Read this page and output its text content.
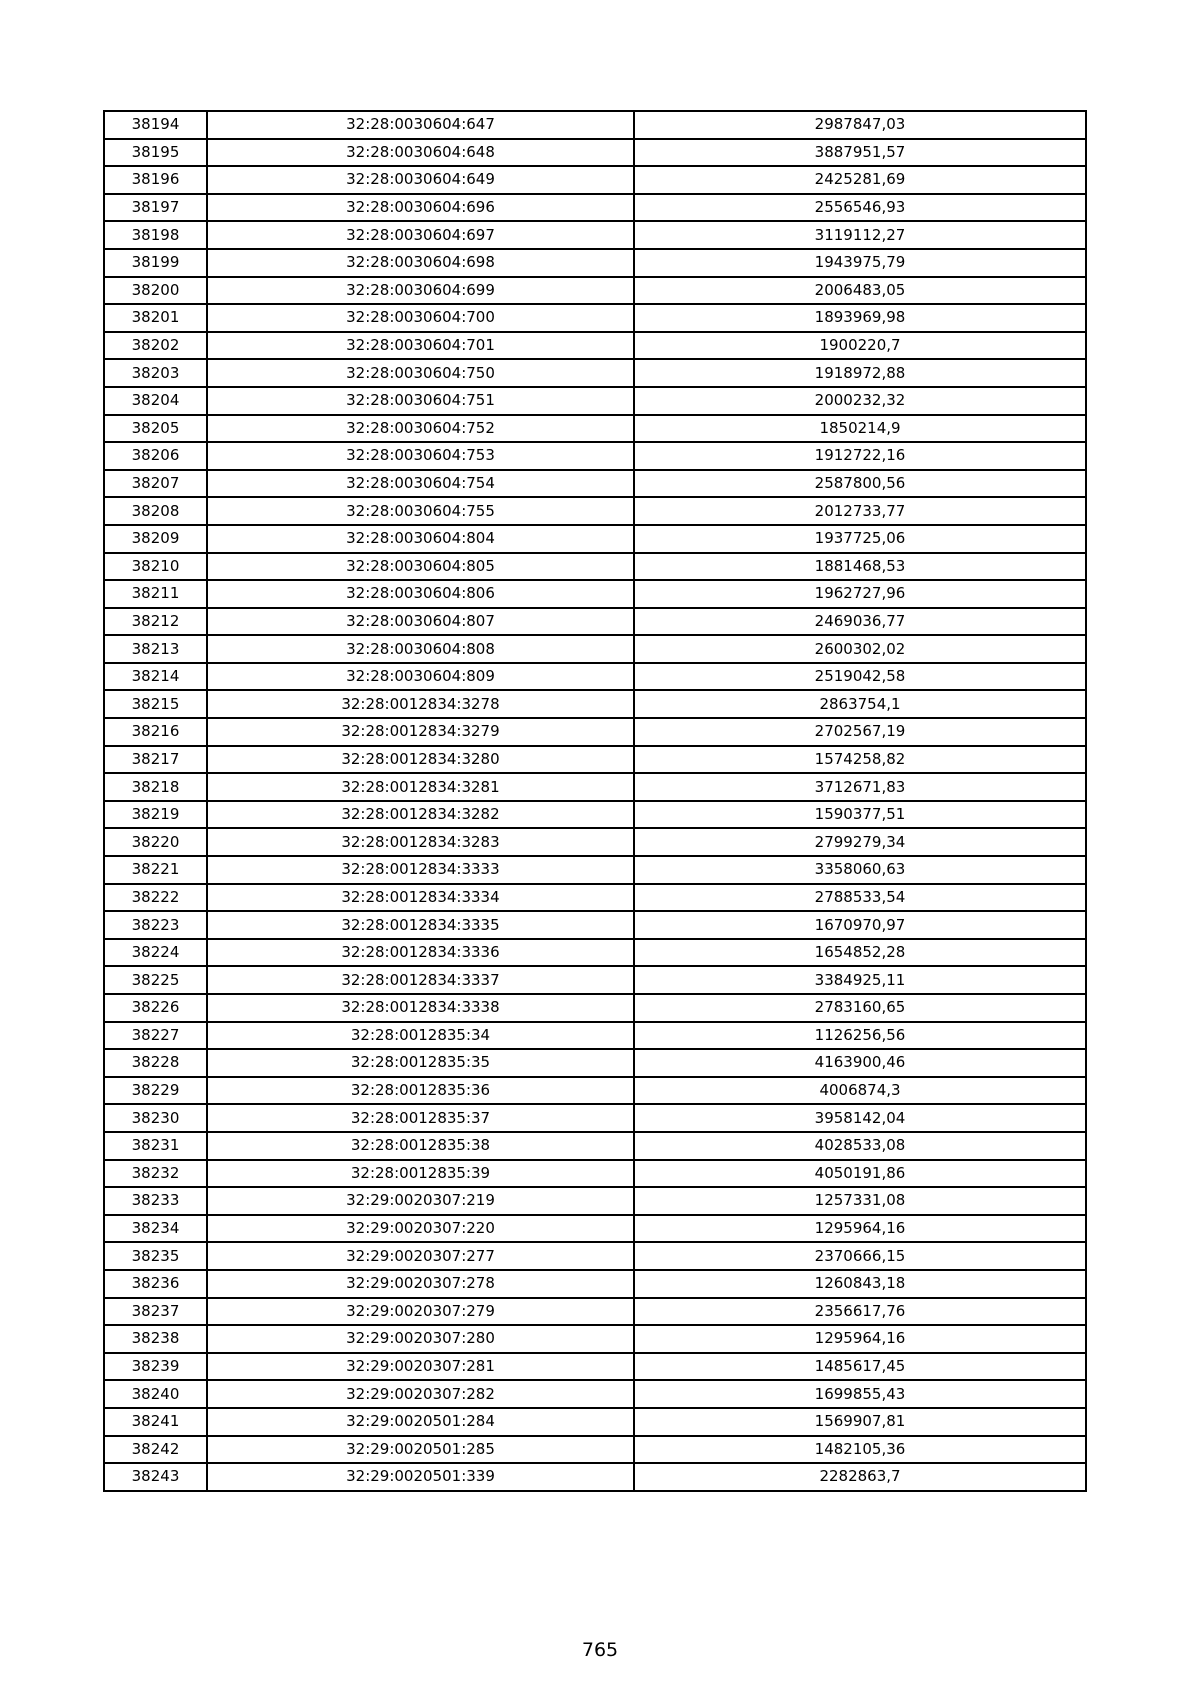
38194	32:28:0030604:647	2987847,03
38195	32:28:0030604:648	3887951,57
38196	32:28:0030604:649	2425281,69
38197	32:28:0030604:696	2556546,93
38198	32:28:0030604:697	3119112,27
38199	32:28:0030604:698	1943975,79
38200	32:28:0030604:699	2006483,05
38201	32:28:0030604:700	1893969,98
38202	32:28:0030604:701	1900220,7
38203	32:28:0030604:750	1918972,88
38204	32:28:0030604:751	2000232,32
38205	32:28:0030604:752	1850214,9
38206	32:28:0030604:753	1912722,16
38207	32:28:0030604:754	2587800,56
38208	32:28:0030604:755	2012733,77
38209	32:28:0030604:804	1937725,06
38210	32:28:0030604:805	1881468,53
38211	32:28:0030604:806	1962727,96
38212	32:28:0030604:807	2469036,77
38213	32:28:0030604:808	2600302,02
38214	32:28:0030604:809	2519042,58
38215	32:28:0012834:3278	2863754,1
38216	32:28:0012834:3279	2702567,19
38217	32:28:0012834:3280	1574258,82
38218	32:28:0012834:3281	3712671,83
38219	32:28:0012834:3282	1590377,51
38220	32:28:0012834:3283	2799279,34
38221	32:28:0012834:3333	3358060,63
38222	32:28:0012834:3334	2788533,54
38223	32:28:0012834:3335	1670970,97
38224	32:28:0012834:3336	1654852,28
38225	32:28:0012834:3337	3384925,11
38226	32:28:0012834:3338	2783160,65
38227	32:28:0012835:34	1126256,56
38228	32:28:0012835:35	4163900,46
38229	32:28:0012835:36	4006874,3
38230	32:28:0012835:37	3958142,04
38231	32:28:0012835:38	4028533,08
38232	32:28:0012835:39	4050191,86
38233	32:29:0020307:219	1257331,08
38234	32:29:0020307:220	1295964,16
38235	32:29:0020307:277	2370666,15
38236	32:29:0020307:278	1260843,18
38237	32:29:0020307:279	2356617,76
38238	32:29:0020307:280	1295964,16
38239	32:29:0020307:281	1485617,45
38240	32:29:0020307:282	1699855,43
38241	32:29:0020501:284	1569907,81
38242	32:29:0020501:285	1482105,36
38243	32:29:0020501:339	2282863,7
765
